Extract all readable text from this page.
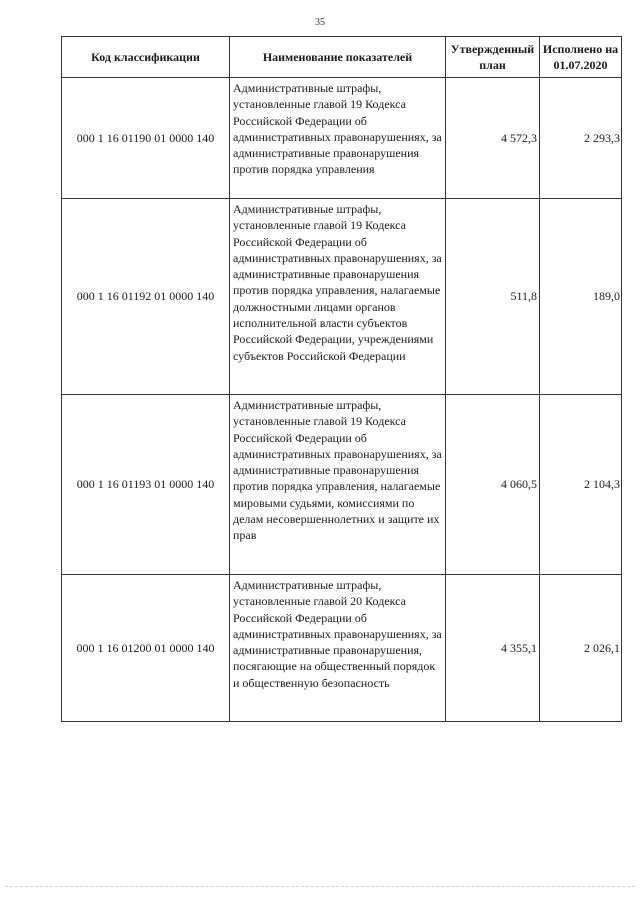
35
Код классификации	Наименование показателей	Утвержденный план	Исполнено на 01.07.2020
000 1 16 01190 01 0000 140	Административные штрафы, установленные главой 19 Кодекса Российской Федерации об административных правонарушениях, за административные правонарушения против порядка управления	4 572,3	2 293,3
000 1 16 01192 01 0000 140	Административные штрафы, установленные главой 19 Кодекса Российской Федерации об административных правонарушениях, за административные правонарушения против порядка управления, налагаемые должностными лицами органов исполнительной власти субъектов Российской Федерации, учреждениями субъектов Российской Федерации	511,8	189,0
000 1 16 01193 01 0000 140	Административные штрафы, установленные главой 19 Кодекса Российской Федерации об административных правонарушениях, за административные правонарушения против порядка управления, налагаемые мировыми судьями, комиссиями по делам несовершеннолетних и защите их прав	4 060,5	2 104,3
000 1 16 01200 01 0000 140	Административные штрафы, установленные главой 20 Кодекса Российской Федерации об административных правонарушениях, за административные правонарушения, посягающие на общественный порядок и общественную безопасность	4 355,1	2 026,1
